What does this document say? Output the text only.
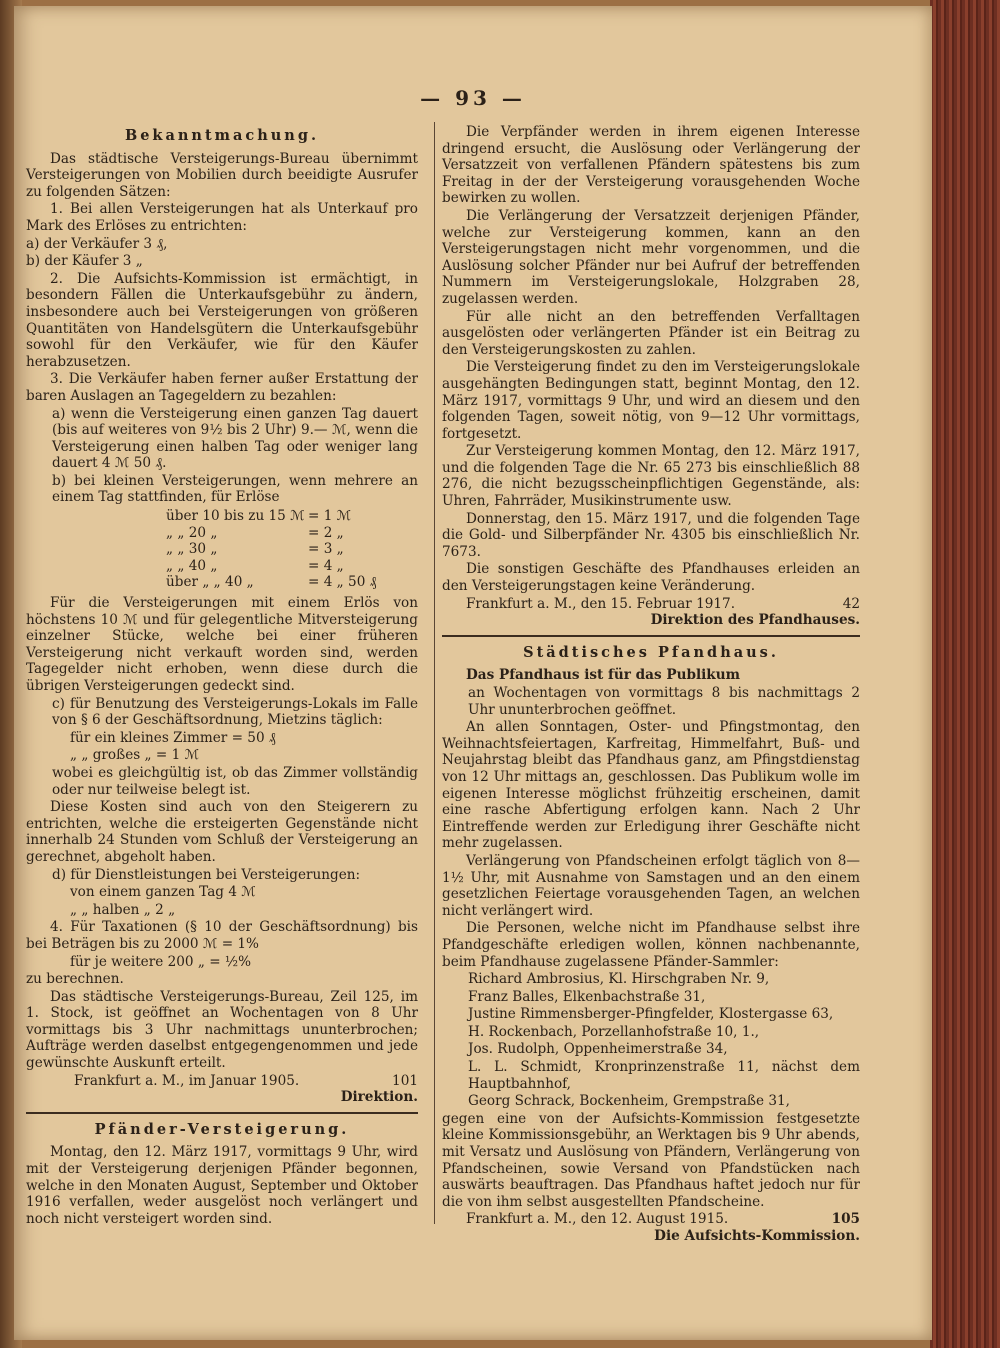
— 93 —
Bekanntmachung.

Das städtische Versteigerungs-Bureau übernimmt Versteigerungen von Mobilien durch beeidigte Ausrufer zu folgenden Sätzen:

1. Bei allen Versteigerungen hat als Unterkauf pro Mark des Erlöses zu entrichten:

a) der Verkäufer 3 ₰,

b) der Käufer 3 „

2. Die Aufsichts-Kommission ist ermächtigt, in besondern Fällen die Unterkaufsgebühr zu ändern, insbesondere auch bei Versteigerungen von größeren Quantitäten von Handelsgütern die Unterkaufsgebühr sowohl für den Verkäufer, wie für den Käufer herabzusetzen.

3. Die Verkäufer haben ferner außer Erstattung der baren Auslagen an Tagegeldern zu bezahlen:

a) wenn die Versteigerung einen ganzen Tag dauert (bis auf weiteres von 9½ bis 2 Uhr) 9.— ℳ, wenn die Versteigerung einen halben Tag oder weniger lang dauert 4 ℳ 50 ₰.

b) bei kleinen Versteigerungen, wenn mehrere an einem Tag stattfinden, für Erlöse

über 10 bis zu 15 ℳ = 1 ℳ
„ „ 20 „	= 2 „
„ „ 30 „	= 3 „
„ „ 40 „	= 4 „
über „ „ 40 „	= 4 „ 50 ₰

Für die Versteigerungen mit einem Erlös von höchstens 10 ℳ und für gelegentliche Mitversteigerung einzelner Stücke, welche bei einer früheren Versteigerung nicht verkauft worden sind, werden Tagegelder nicht erhoben, wenn diese durch die übrigen Versteigerungen gedeckt sind.

c) für Benutzung des Versteigerungs-Lokals im Falle von § 6 der Geschäftsordnung, Mietzins täglich:

für ein kleines Zimmer = 50 ₰

„ „ großes „ = 1 ℳ

wobei es gleichgültig ist, ob das Zimmer vollständig oder nur teilweise belegt ist.

Diese Kosten sind auch von den Steigerern zu entrichten, welche die ersteigerten Gegenstände nicht innerhalb 24 Stunden vom Schluß der Versteigerung an gerechnet, abgeholt haben.

d) für Dienstleistungen bei Versteigerungen:

von einem ganzen Tag 4 ℳ

„ „ halben „ 2 „

4. Für Taxationen (§ 10 der Geschäftsordnung) bis bei Beträgen bis zu 2000 ℳ = 1%

für je weitere 200 „ = ½%

zu berechnen.

Das städtische Versteigerungs-Bureau, Zeil 125, im 1. Stock, ist geöffnet an Wochentagen von 8 Uhr vormittags bis 3 Uhr nachmittags ununterbrochen; Aufträge werden daselbst entgegengenommen und jede gewünschte Auskunft erteilt.

Frankfurt a. M., im Januar 1905.	101
Direktion.
Pfänder-Versteigerung.

Montag, den 12. März 1917, vormittags 9 Uhr, wird mit der Versteigerung derjenigen Pfänder begonnen, welche in den Monaten August, September und Oktober 1916 verfallen, weder ausgelöst noch verlängert und noch nicht versteigert worden sind.

Die Verpfänder werden in ihrem eigenen Interesse dringend ersucht, die Auslösung oder Verlängerung der Versatzzeit von verfallenen Pfändern spätestens bis zum Freitag in der der Versteigerung vorausgehenden Woche bewirken zu wollen.

Die Verlängerung der Versatzzeit derjenigen Pfänder, welche zur Versteigerung kommen, kann an den Versteigerungstagen nicht mehr vorgenommen, und die Auslösung solcher Pfänder nur bei Aufruf der betreffenden Nummern im Versteigerungslokale, Holzgraben 28, zugelassen werden.

Für alle nicht an den betreffenden Verfalltagen ausgelösten oder verlängerten Pfänder ist ein Beitrag zu den Versteigerungskosten zu zahlen.

Die Versteigerung findet zu den im Versteigerungslokale ausgehängten Bedingungen statt, beginnt Montag, den 12. März 1917, vormittags 9 Uhr, und wird an diesem und den folgenden Tagen, soweit nötig, von 9—12 Uhr vormittags, fortgesetzt.

Zur Versteigerung kommen Montag, den 12. März 1917, und die folgenden Tage die Nr. 65 273 bis einschließlich 88 276, die nicht bezugsscheinpflichtigen Gegenstände, als: Uhren, Fahrräder, Musikinstrumente usw.

Donnerstag, den 15. März 1917, und die folgenden Tage die Gold- und Silberpfänder Nr. 4305 bis einschließlich Nr. 7673.

Die sonstigen Geschäfte des Pfandhauses erleiden an den Versteigerungstagen keine Veränderung.

Frankfurt a. M., den 15. Februar 1917.	42
Direktion des Pfandhauses.
Städtisches Pfandhaus.

Das Pfandhaus ist für das Publikum

an Wochentagen von vormittags 8 bis nachmittags 2 Uhr ununterbrochen geöffnet.

An allen Sonntagen, Oster- und Pfingstmontag, den Weihnachtsfeiertagen, Karfreitag, Himmelfahrt, Buß- und Neujahrstag bleibt das Pfandhaus ganz, am Pfingstdienstag von 12 Uhr mittags an, geschlossen. Das Publikum wolle im eigenen Interesse möglichst frühzeitig erscheinen, damit eine rasche Abfertigung erfolgen kann. Nach 2 Uhr Eintreffende werden zur Erledigung ihrer Geschäfte nicht mehr zugelassen.

Verlängerung von Pfandscheinen erfolgt täglich von 8—1½ Uhr, mit Ausnahme von Samstagen und an den einem gesetzlichen Feiertage vorausgehenden Tagen, an welchen nicht verlängert wird.

Die Personen, welche nicht im Pfandhause selbst ihre Pfandgeschäfte erledigen wollen, können nachbenannte, beim Pfandhause zugelassene Pfänder-Sammler:

Richard Ambrosius, Kl. Hirschgraben Nr. 9,

Franz Balles, Elkenbachstraße 31,

Justine Rimmensberger-Pfingfelder, Klostergasse 63,

H. Rockenbach, Porzellanhofstraße 10, 1.,

Jos. Rudolph, Oppenheimerstraße 34,

L. L. Schmidt, Kronprinzenstraße 11, nächst dem Hauptbahnhof,

Georg Schrack, Bockenheim, Grempstraße 31,

gegen eine von der Aufsichts-Kommission festgesetzte kleine Kommissionsgebühr, an Werktagen bis 9 Uhr abends, mit Versatz und Auslösung von Pfändern, Verlängerung von Pfandscheinen, sowie Versand von Pfandstücken nach auswärts beauftragen. Das Pfandhaus haftet jedoch nur für die von ihm selbst ausgestellten Pfandscheine.

Frankfurt a. M., den 12. August 1915.	105
Die Aufsichts-Kommission.
